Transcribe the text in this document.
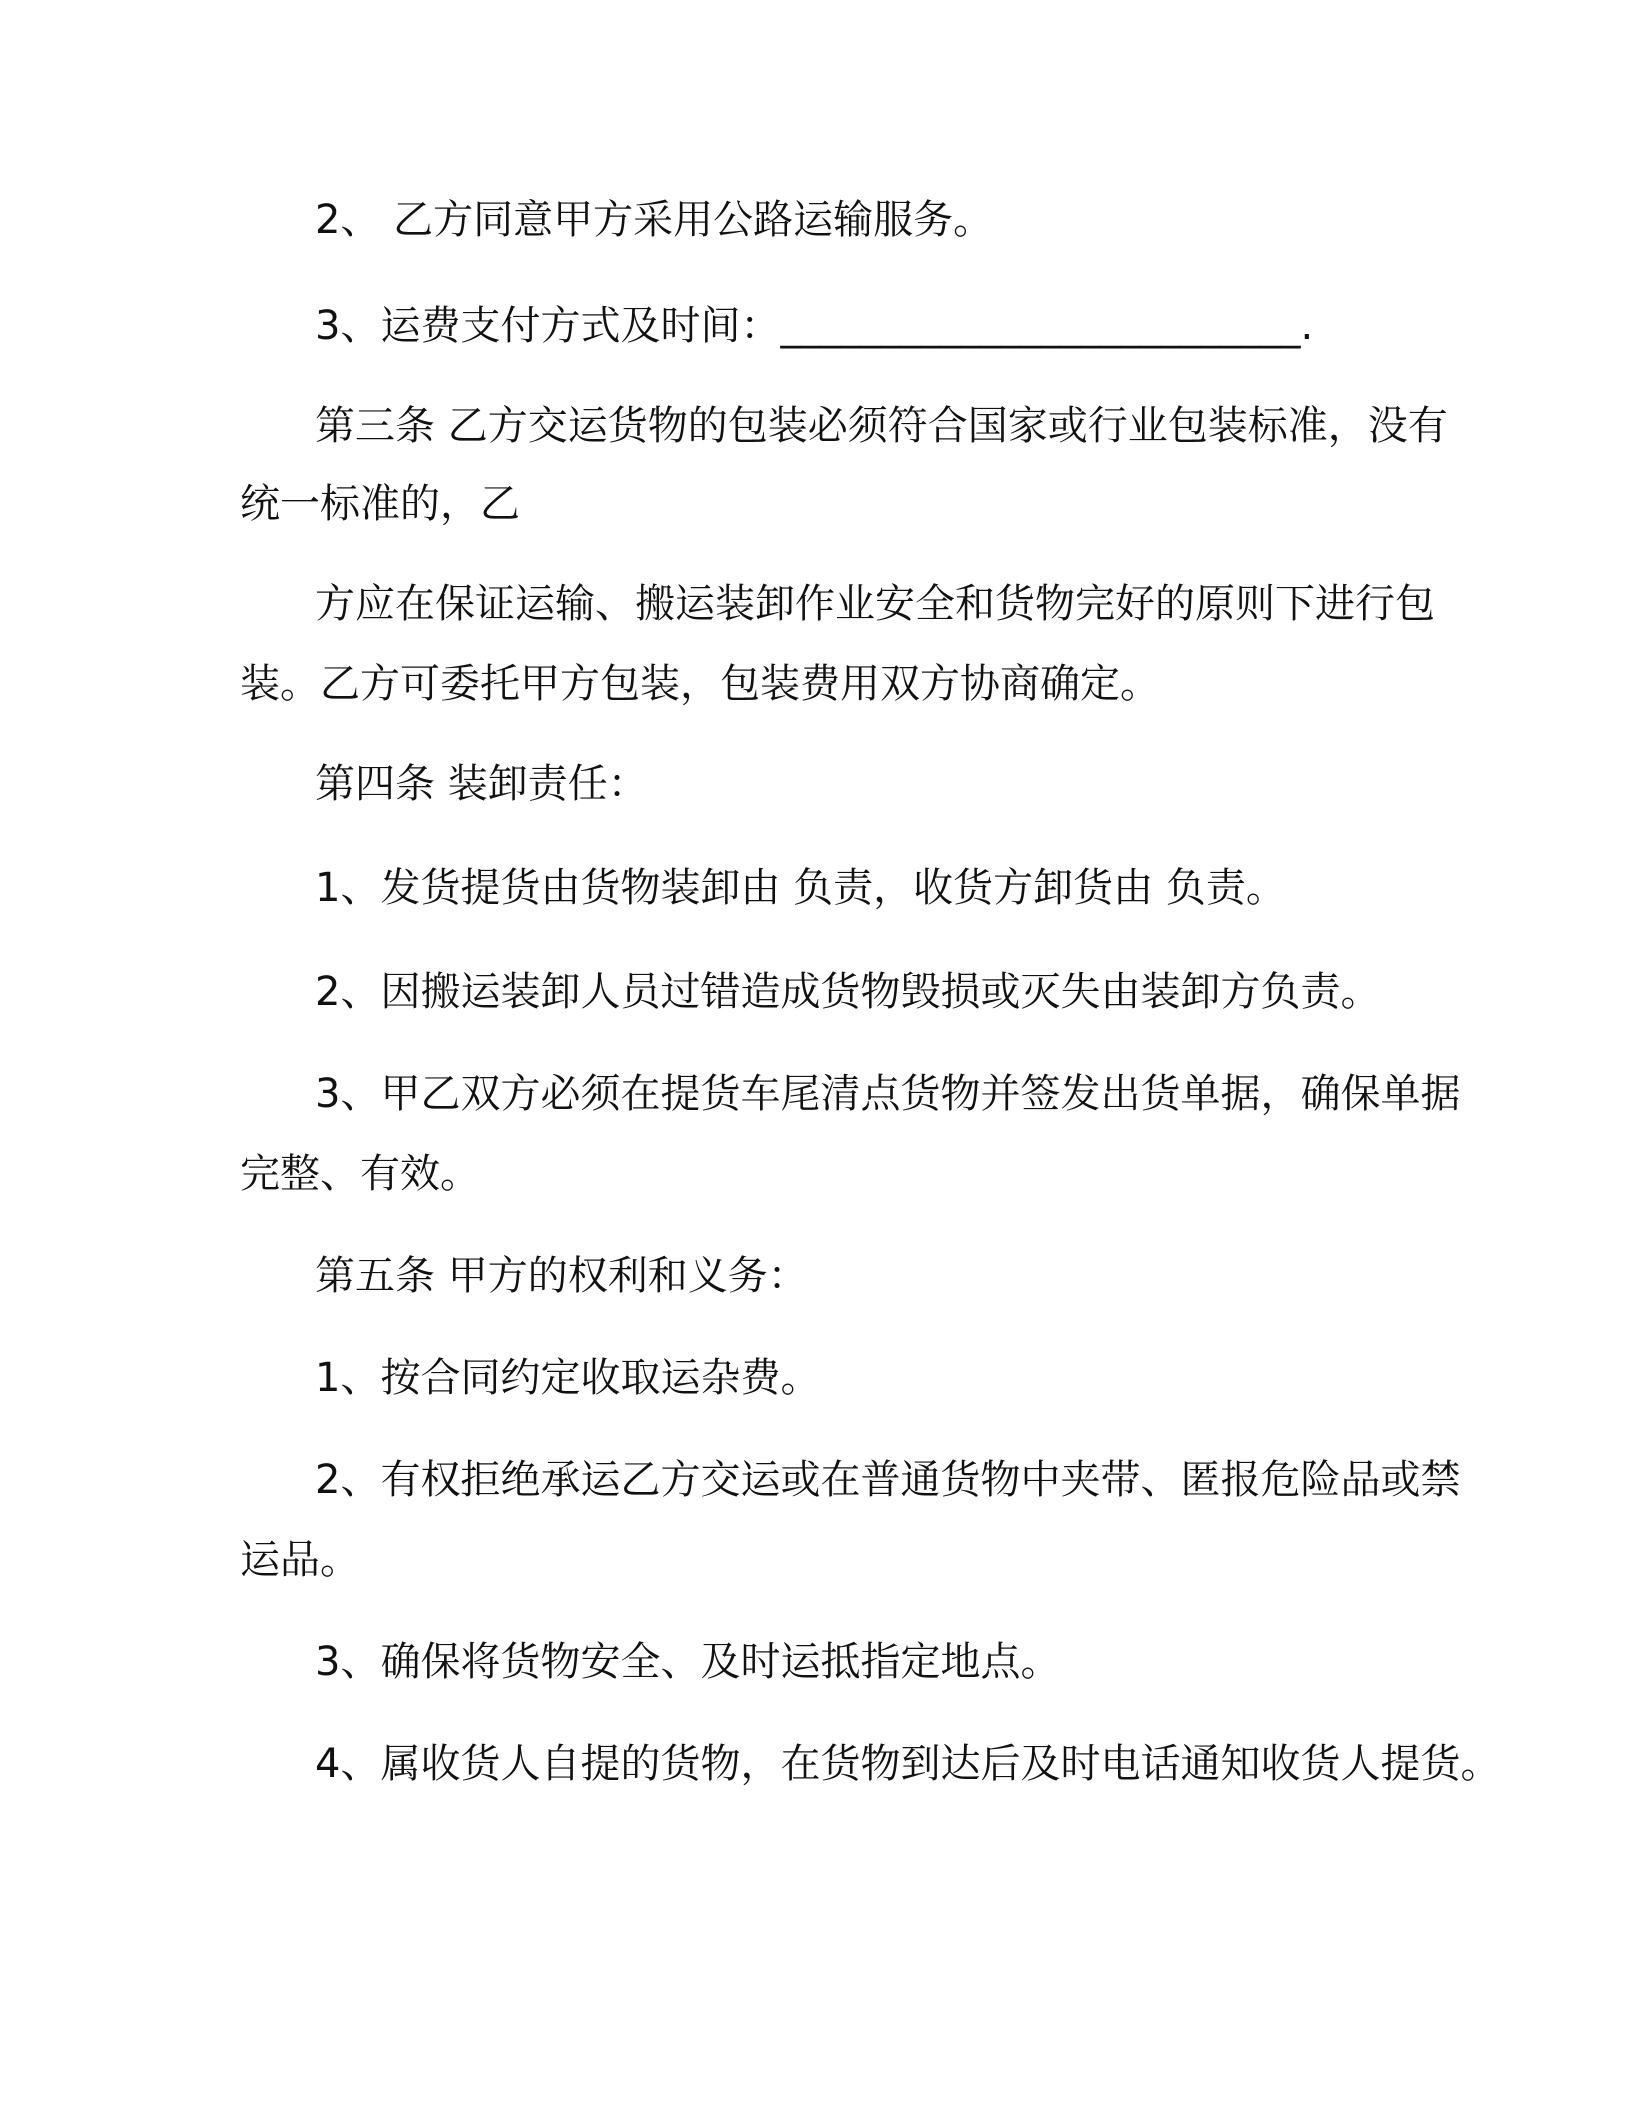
2、 乙方同意甲方采用公路运输服务。
3、运费支付方式及时间：__________________________.
第三条 乙方交运货物的包装必须符合国家或行业包装标准，没有
统一标准的，乙
方应在保证运输、搬运装卸作业安全和货物完好的原则下进行包
装。乙方可委托甲方包装，包装费用双方协商确定。
第四条 装卸责任：
1、发货提货由货物装卸由 负责，收货方卸货由 负责。
2、因搬运装卸人员过错造成货物毁损或灭失由装卸方负责。
3、甲乙双方必须在提货车尾清点货物并签发出货单据，确保单据
完整、有效。
第五条 甲方的权利和义务：
1、按合同约定收取运杂费。
2、有权拒绝承运乙方交运或在普通货物中夹带、匿报危险品或禁
运品。
3、确保将货物安全、及时运抵指定地点。
4、属收货人自提的货物，在货物到达后及时电话通知收货人提货。
